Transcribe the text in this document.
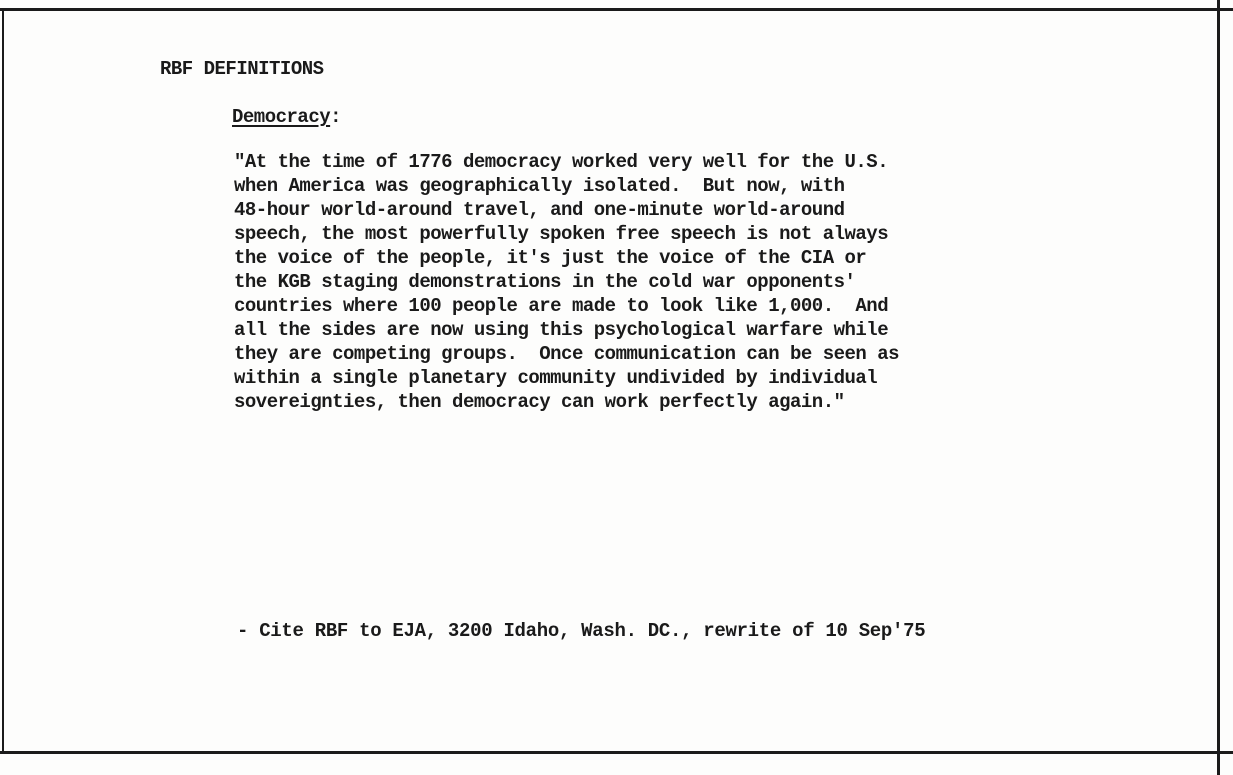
RBF DEFINITIONS

Democracy:

"At the time of 1776 democracy worked very well for the U.S.
when America was geographically isolated.  But now, with
48-hour world-around travel, and one-minute world-around
speech, the most powerfully spoken free speech is not always
the voice of the people, it's just the voice of the CIA or
the KGB staging demonstrations in the cold war opponents'
countries where 100 people are made to look like 1,000.  And
all the sides are now using this psychological warfare while
they are competing groups.  Once communication can be seen as
within a single planetary community undivided by individual
sovereignties, then democracy can work perfectly again."

- Cite RBF to EJA, 3200 Idaho, Wash. DC., rewrite of 10 Sep'75
